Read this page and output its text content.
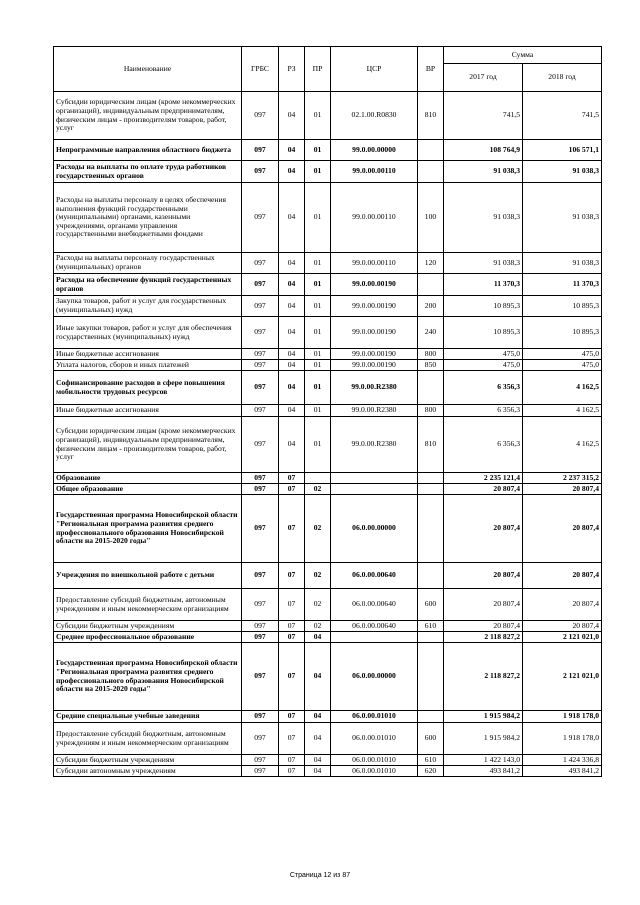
Наименование	ГРБС	РЗ	ПР	ЦСР	ВР	Сумма	
						2017 год	2018 год
Субсидии юридическим лицам (кроме некоммерческих организаций), индивидуальным предпринимателям, физическим лицам - производителям товаров, работ, услуг	097	04	01	02.1.00.R0830	810	741,5	741,5
Непрограммные направления областного бюджета	097	04	01	99.0.00.00000		108 764,9	106 571,1
Расходы на выплаты по оплате труда работников государственных органов	097	04	01	99.0.00.00110		91 038,3	91 038,3
Расходы на выплаты персоналу в целях обеспечения выполнения функций государственными (муниципальными) органами, казенными учреждениями, органами управления государственными внебюджетными фондами	097	04	01	99.0.00.00110	100	91 038,3	91 038,3
Расходы на выплаты персоналу государственных (муниципальных) органов	097	04	01	99.0.00.00110	120	91 038,3	91 038,3
Расходы на обеспечение функций государственных органов	097	04	01	99.0.00.00190		11 370,3	11 370,3
Закупка товаров, работ и услуг для государственных (муниципальных) нужд	097	04	01	99.0.00.00190	200	10 895,3	10 895,3
Иные закупки товаров, работ и услуг для обеспечения государственных (муниципальных) нужд	097	04	01	99.0.00.00190	240	10 895,3	10 895,3
Иные бюджетные ассигнования	097	04	01	99.0.00.00190	800	475,0	475,0
Уплата налогов, сборов и иных платежей	097	04	01	99.0.00.00190	850	475,0	475,0
Софинансирование расходов в сфере повышения мобильности трудовых ресурсов	097	04	01	99.0.00.R2380		6 356,3	4 162,5
Иные бюджетные ассигнования	097	04	01	99.0.00.R2380	800	6 356,3	4 162,5
Субсидии юридическим лицам (кроме некоммерческих организаций), индивидуальным предпринимателям, физическим лицам - производителям товаров, работ, услуг	097	04	01	99.0.00.R2380	810	6 356,3	4 162,5
Образование	097	07				2 235 121,4	2 237 315,2
Общее образование	097	07	02			20 807,4	20 807,4
Государственная программа Новосибирской области "Региональная программа развития среднего профессионального образования Новосибирской области на 2015-2020 годы"	097	07	02	06.0.00.00000		20 807,4	20 807,4
Учреждения по внешкольной работе с детьми	097	07	02	06.0.00.00640		20 807,4	20 807,4
Предоставление субсидий бюджетным, автономным учреждениям и иным некоммерческим организациям	097	07	02	06.0.00.00640	600	20 807,4	20 807,4
Субсидии бюджетным учреждениям	097	07	02	06.0.00.00640	610	20 807,4	20 807,4
Среднее профессиональное образование	097	07	04			2 118 827,2	2 121 021,0
Государственная программа Новосибирской области "Региональная программа развития среднего профессионального образования Новосибирской области на 2015-2020 годы"	097	07	04	06.0.00.00000		2 118 827,2	2 121 021,0
Средние специальные учебные заведения	097	07	04	06.0.00.01010		1 915 984,2	1 918 178,0
Предоставление субсидий бюджетным, автономным учреждениям и иным некоммерческим организациям	097	07	04	06.0.00.01010	600	1 915 984,2	1 918 178,0
Субсидии бюджетным учреждениям	097	07	04	06.0.00.01010	610	1 422 143,0	1 424 336,8
Субсидии автономным учреждениям	097	07	04	06.0.00.01010	620	493 841,2	493 841,2
Страница 12 из 87
